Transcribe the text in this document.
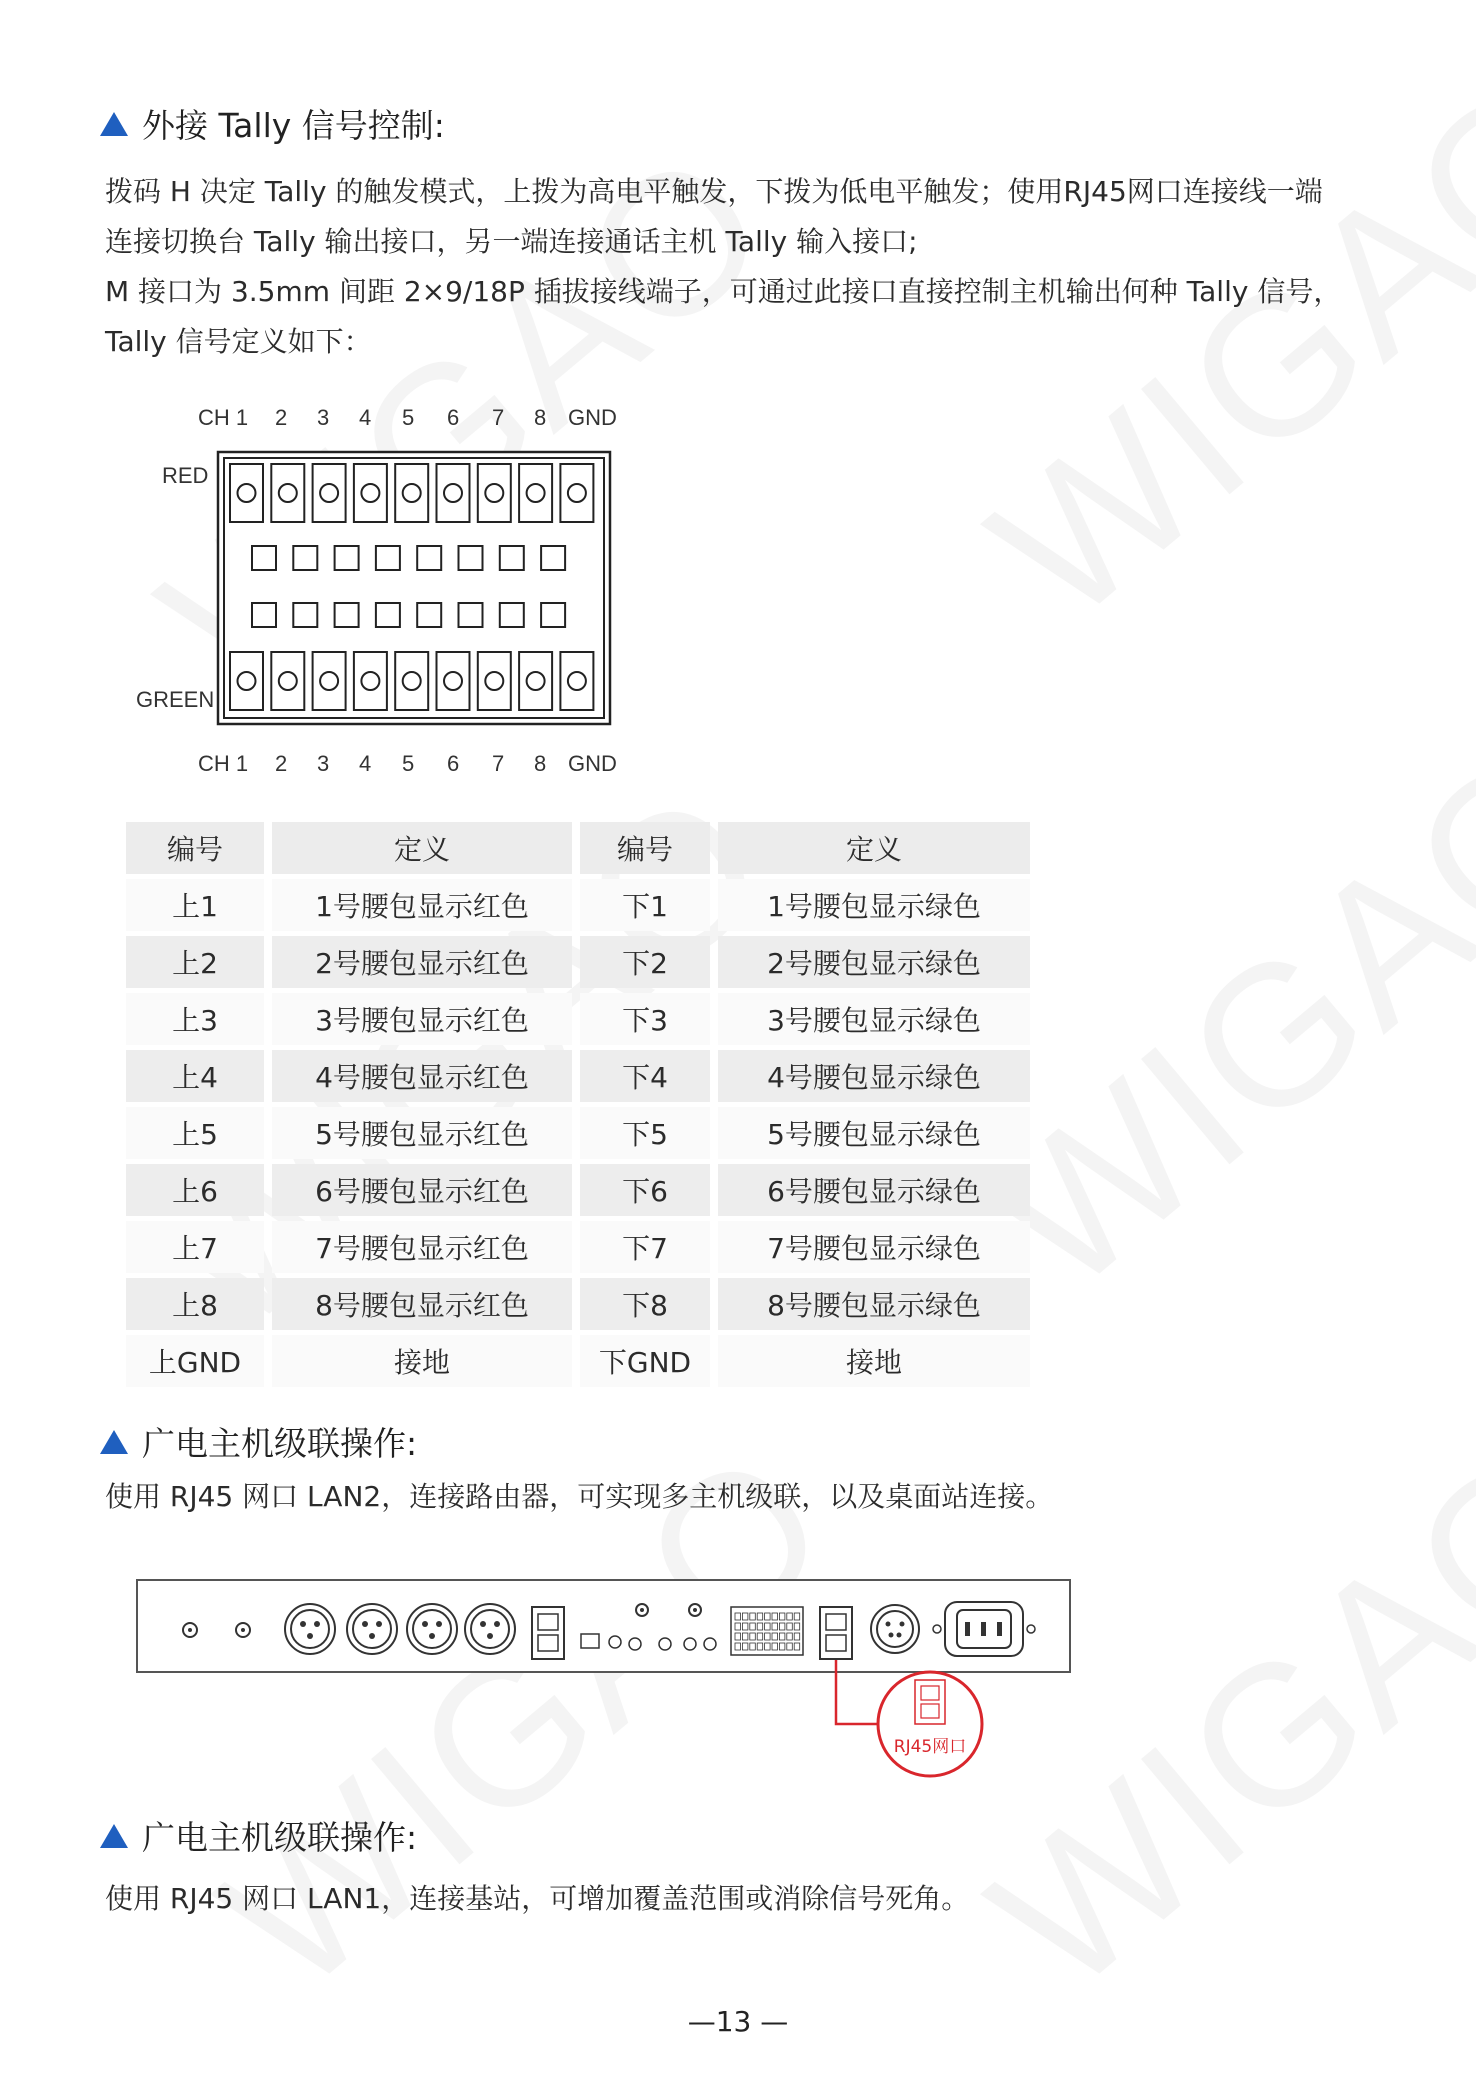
外接 Tally 信号控制:
拨码 H 决定 Tally 的触发模式，上拨为高电平触发，下拨为低电平触发；使用RJ45网口连接线一端
连接切换台 Tally 输出接口，另一端连接通话主机 Tally 输入接口;
M 接口为 3.5mm 间距 2×9/18P 插拔接线端子，可通过此接口直接控制主机输出何种 Tally 信号，
Tally 信号定义如下：
CH 1 2 3 4 5 6 7 8 GND
RED
GREEN
CH 1 2 3 4 5 6 7 8 GND
编号	定义	编号	定义
上1	1号腰包显示红色	下1	1号腰包显示绿色
上2	2号腰包显示红色	下2	2号腰包显示绿色
上3	3号腰包显示红色	下3	3号腰包显示绿色
上4	4号腰包显示红色	下4	4号腰包显示绿色
上5	5号腰包显示红色	下5	5号腰包显示绿色
上6	6号腰包显示红色	下6	6号腰包显示绿色
上7	7号腰包显示红色	下7	7号腰包显示绿色
上8	8号腰包显示红色	下8	8号腰包显示绿色
上GND	接地	下GND	接地
广电主机级联操作:
使用 RJ45 网口 LAN2，连接路由器，可实现多主机级联，以及桌面站连接。
RJ45网口
广电主机级联操作:
使用 RJ45 网口 LAN1，连接基站，可增加覆盖范围或消除信号死角。
—13 —
